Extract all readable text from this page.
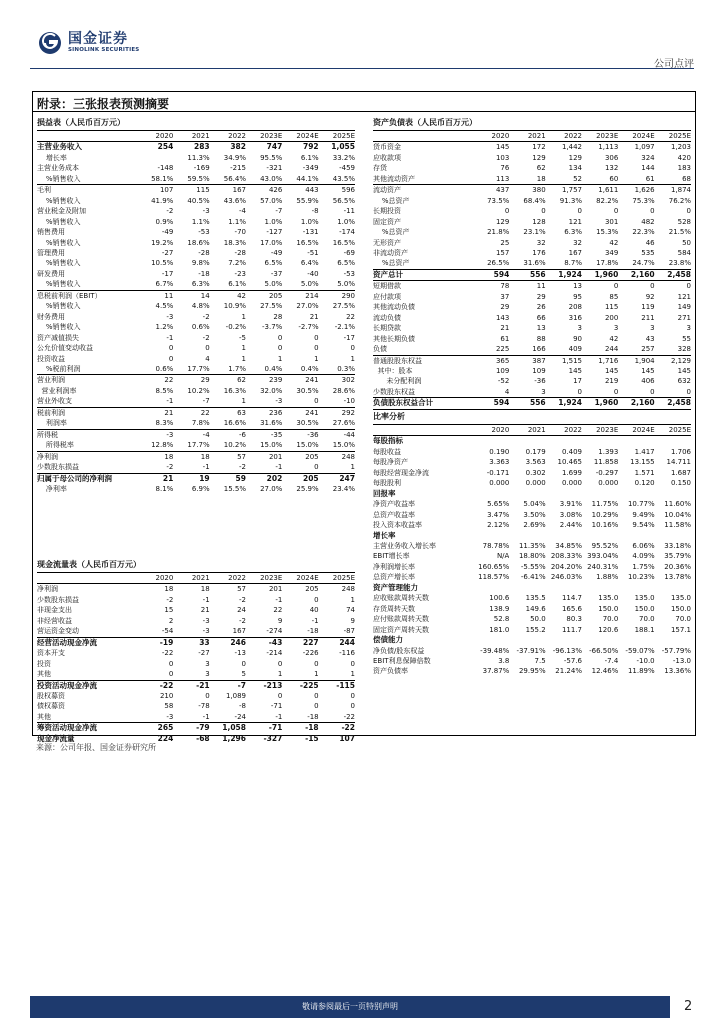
国金证券
SINOLINK SECURITIES
公司点评
附录：三张报表预测摘要
损益表（人民币百万元）
	2020	2021	2022	2023E	2024E	2025E
主营业务收入	254	283	382	747	792	1,055
增长率		11.3%	34.9%	95.5%	6.1%	33.2%
主营业务成本	-148	-169	-215	-321	-349	-459
%销售收入	58.1%	59.5%	56.4%	43.0%	44.1%	43.5%
毛利	107	115	167	426	443	596
%销售收入	41.9%	40.5%	43.6%	57.0%	55.9%	56.5%
营业税金及附加	-2	-3	-4	-7	-8	-11
%销售收入	0.9%	1.1%	1.1%	1.0%	1.0%	1.0%
销售费用	-49	-53	-70	-127	-131	-174
%销售收入	19.2%	18.6%	18.3%	17.0%	16.5%	16.5%
管理费用	-27	-28	-28	-49	-51	-69
%销售收入	10.5%	9.8%	7.2%	6.5%	6.4%	6.5%
研发费用	-17	-18	-23	-37	-40	-53
%销售收入	6.7%	6.3%	6.1%	5.0%	5.0%	5.0%
息税前利润（EBIT）	11	14	42	205	214	290
%销售收入	4.5%	4.8%	10.9%	27.5%	27.0%	27.5%
财务费用	-3	-2	1	28	21	22
%销售收入	1.2%	0.6%	-0.2%	-3.7%	-2.7%	-2.1%
资产减值损失	-1	-2	-5	0	0	-17
公允价值变动收益	0	0	1	0	0	0
投资收益	0	4	1	1	1	1
%税前利润	0.6%	17.7%	1.7%	0.4%	0.4%	0.3%
营业利润	22	29	62	239	241	302
营业利润率	8.5%	10.2%	16.3%	32.0%	30.5%	28.6%
营业外收支	-1	-7	1	-3	0	-10
税前利润	21	22	63	236	241	292
利润率	8.3%	7.8%	16.6%	31.6%	30.5%	27.6%
所得税	-3	-4	-6	-35	-36	-44
所得税率	12.8%	17.7%	10.2%	15.0%	15.0%	15.0%
净利润	18	18	57	201	205	248
少数股东损益	-2	-1	-2	-1	0	1
归属于母公司的净利润	21	19	59	202	205	247
净利率	8.1%	6.9%	15.5%	27.0%	25.9%	23.4%
现金流量表（人民币百万元）
	2020	2021	2022	2023E	2024E	2025E
净利润	18	18	57	201	205	248
少数股东损益	-2	-1	-2	-1	0	1
非现金支出	15	21	24	22	40	74
非经营收益	2	-3	-2	9	-1	9
营运资金变动	-54	-3	167	-274	-18	-87
经营活动现金净流	-19	33	246	-43	227	244
资本开支	-22	-27	-13	-214	-226	-116
投资	0	3	0	0	0	0
其他	0	3	5	1	1	1
投资活动现金净流	-22	-21	-7	-213	-225	-115
股权募资	210	0	1,089	0	0	0
债权募资	58	-78	-8	-71	0	0
其他	-3	-1	-24	-1	-18	-22
筹资活动现金净流	265	-79	1,058	-71	-18	-22
现金净流量	224	-68	1,296	-327	-15	107
资产负债表（人民币百万元）
	2020	2021	2022	2023E	2024E	2025E
货币资金	145	172	1,442	1,113	1,097	1,203
应收款项	103	129	129	306	324	420
存货	76	62	134	132	144	183
其他流动资产	113	18	52	60	61	68
流动资产	437	380	1,757	1,611	1,626	1,874
%总资产	73.5%	68.4%	91.3%	82.2%	75.3%	76.2%
长期投资	0	0	0	0	0	0
固定资产	129	128	121	301	482	528
%总资产	21.8%	23.1%	6.3%	15.3%	22.3%	21.5%
无形资产	25	32	32	42	46	50
非流动资产	157	176	167	349	535	584
%总资产	26.5%	31.6%	8.7%	17.8%	24.7%	23.8%
资产总计	594	556	1,924	1,960	2,160	2,458
短期借款	78	11	13	0	0	0
应付款项	37	29	95	85	92	121
其他流动负债	29	26	208	115	119	149
流动负债	143	66	316	200	211	271
长期贷款	21	13	3	3	3	3
其他长期负债	61	88	90	42	43	55
负债	225	166	409	244	257	328
普通股股东权益	365	387	1,515	1,716	1,904	2,129
其中：股本	109	109	145	145	145	145
未分配利润	-52	-36	17	219	406	632
少数股东权益	4	3	0	0	0	0
负债股东权益合计	594	556	1,924	1,960	2,160	2,458
比率分析
	2020	2021	2022	2023E	2024E	2025E
每股指标						
每股收益	0.190	0.179	0.409	1.393	1.417	1.706
每股净资产	3.363	3.563	10.465	11.858	13.155	14.711
每股经营现金净流	-0.171	0.302	1.699	-0.297	1.571	1.687
每股股利	0.000	0.000	0.000	0.000	0.120	0.150
回报率						
净资产收益率	5.65%	5.04%	3.91%	11.75%	10.77%	11.60%
总资产收益率	3.47%	3.50%	3.08%	10.29%	9.49%	10.04%
投入资本收益率	2.12%	2.69%	2.44%	10.16%	9.54%	11.58%
增长率						
主营业务收入增长率	78.78%	11.35%	34.85%	95.52%	6.06%	33.18%
EBIT增长率	N/A	18.80%	208.33%	393.04%	4.09%	35.79%
净利润增长率	160.65%	-5.55%	204.20%	240.31%	1.75%	20.36%
总资产增长率	118.57%	-6.41%	246.03%	1.88%	10.23%	13.78%
资产管理能力						
应收账款周转天数	100.6	135.5	114.7	135.0	135.0	135.0
存货周转天数	138.9	149.6	165.6	150.0	150.0	150.0
应付账款周转天数	52.8	50.0	80.3	70.0	70.0	70.0
固定资产周转天数	181.0	155.2	111.7	120.6	188.1	157.1
偿债能力						
净负债/股东权益	-39.48%	-37.91%	-96.13%	-66.50%	-59.07%	-57.79%
EBIT利息保障倍数	3.8	7.5	-57.6	-7.4	-10.0	-13.0
资产负债率	37.87%	29.95%	21.24%	12.46%	11.89%	13.36%
来源：公司年报、国金证券研究所
敬请参阅最后一页特别声明	2
